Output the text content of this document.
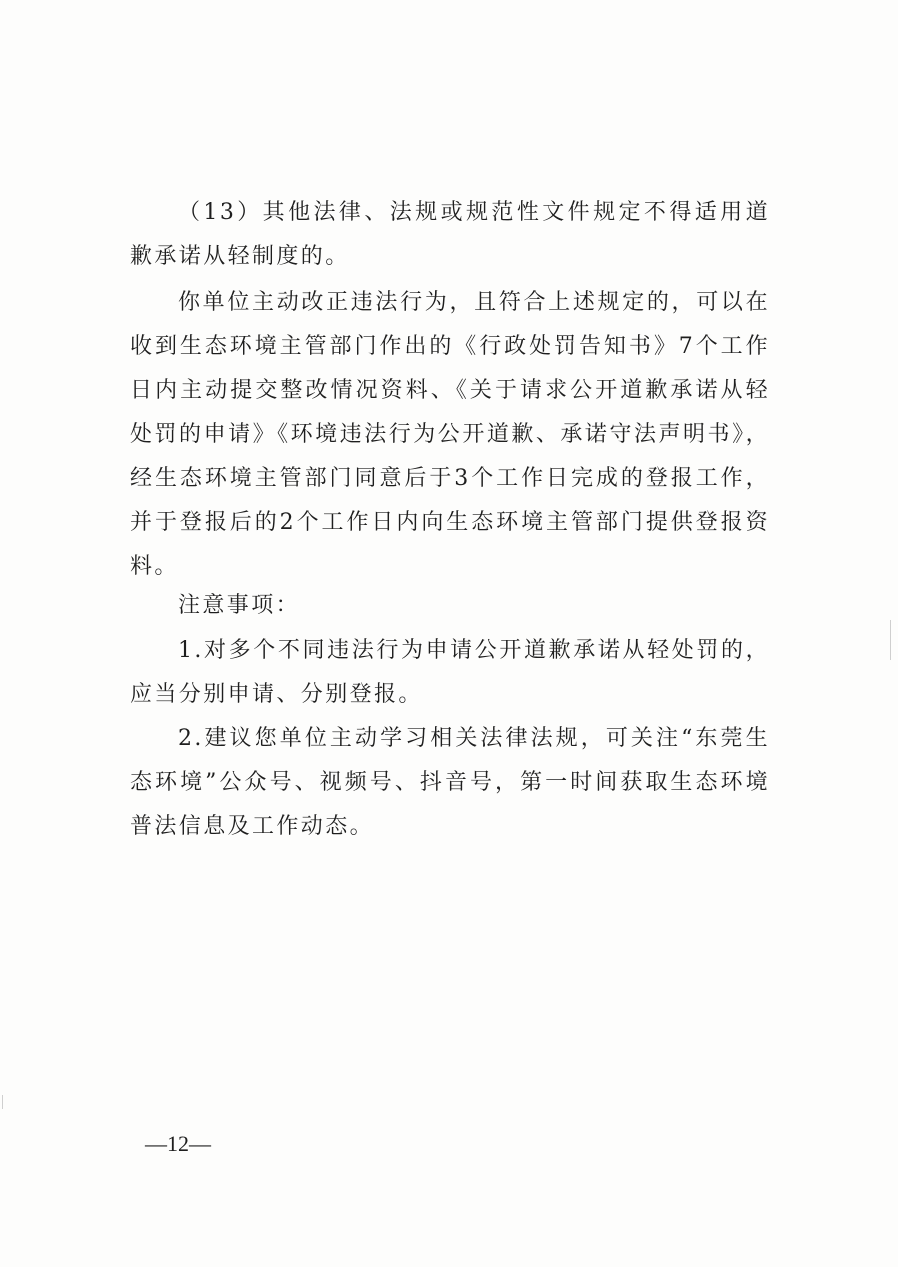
（13）其他法律、法规或规范性文件规定不得适用道歉承诺从轻制度的。

你单位主动改正违法行为，且符合上述规定的，可以在收到生态环境主管部门作出的《行政处罚告知书》7个工作日内主动提交整改情况资料、《关于请求公开道歉承诺从轻处罚的申请》《环境违法行为公开道歉、承诺守法声明书》，经生态环境主管部门同意后于3个工作日完成的登报工作，并于登报后的2个工作日内向生态环境主管部门提供登报资料。

注意事项：

1.对多个不同违法行为申请公开道歉承诺从轻处罚的，应当分别申请、分别登报。

2.建议您单位主动学习相关法律法规，可关注“东莞生态环境”公众号、视频号、抖音号，第一时间获取生态环境普法信息及工作动态。

—12—
